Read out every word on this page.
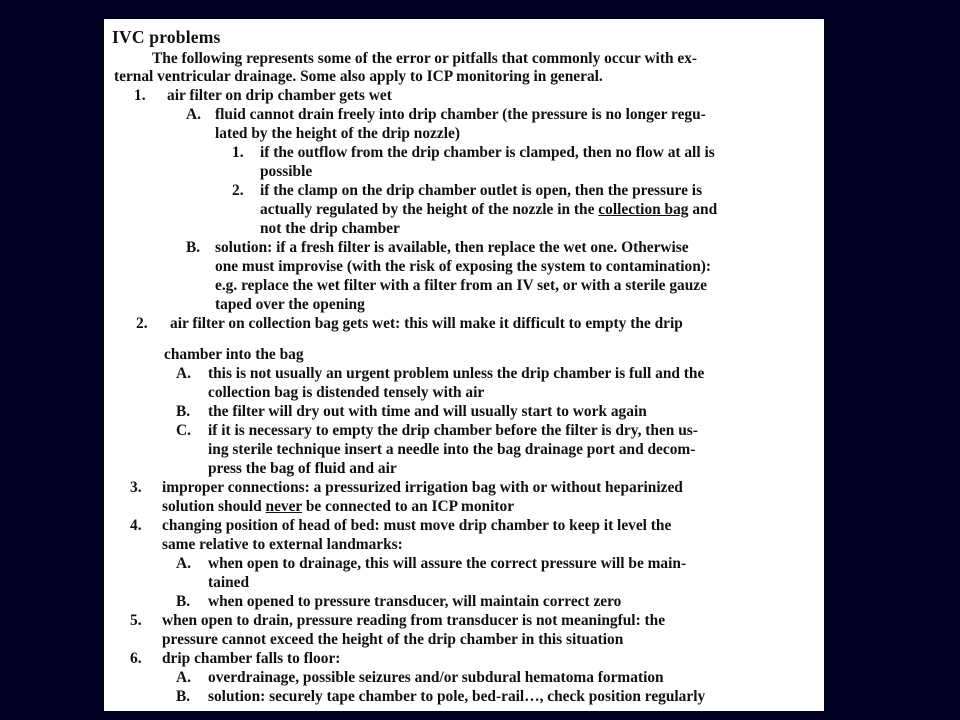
IVC problems
The following represents some of the error or pitfalls that commonly occur with ex-
ternal ventricular drainage. Some also apply to ICP monitoring in general.
1. air filter on drip chamber gets wet
A. fluid cannot drain freely into drip chamber (the pressure is no longer regu-
lated by the height of the drip nozzle)
1. if the outflow from the drip chamber is clamped, then no flow at all is
possible
2. if the clamp on the drip chamber outlet is open, then the pressure is
actually regulated by the height of the nozzle in the collection bag and
not the drip chamber
B. solution: if a fresh filter is available, then replace the wet one. Otherwise
one must improvise (with the risk of exposing the system to contamination):
e.g. replace the wet filter with a filter from an IV set, or with a sterile gauze
taped over the opening
2. air filter on collection bag gets wet: this will make it difficult to empty the drip
chamber into the bag
A. this is not usually an urgent problem unless the drip chamber is full and the
collection bag is distended tensely with air
B. the filter will dry out with time and will usually start to work again
C. if it is necessary to empty the drip chamber before the filter is dry, then us-
ing sterile technique insert a needle into the bag drainage port and decom-
press the bag of fluid and air
3. improper connections: a pressurized irrigation bag with or without heparinized
solution should never be connected to an ICP monitor
4. changing position of head of bed: must move drip chamber to keep it level the
same relative to external landmarks:
A. when open to drainage, this will assure the correct pressure will be main-
tained
B. when opened to pressure transducer, will maintain correct zero
5. when open to drain, pressure reading from transducer is not meaningful: the
pressure cannot exceed the height of the drip chamber in this situation
6. drip chamber falls to floor:
A. overdrainage, possible seizures and/or subdural hematoma formation
B. solution: securely tape chamber to pole, bed-rail…, check position regularly
